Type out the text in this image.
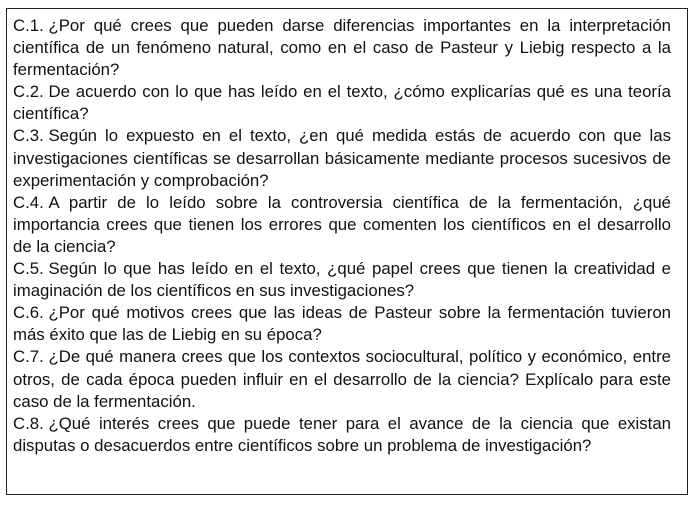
C.1. ¿Por qué crees que pueden darse diferencias importantes en la interpretación científica de un fenómeno natural, como en el caso de Pasteur y Liebig respecto a la fermentación?
C.2. De acuerdo con lo que has leído en el texto, ¿cómo explicarías qué es una teoría científica?
C.3. Según lo expuesto en el texto, ¿en qué medida estás de acuerdo con que las investigaciones científicas se desarrollan básicamente mediante procesos sucesivos de experimentación y comprobación?
C.4. A partir de lo leído sobre la controversia científica de la fermentación, ¿qué importancia crees que tienen los errores que comenten los científicos en el desarrollo de la ciencia?
C.5. Según lo que has leído en el texto, ¿qué papel crees que tienen la creatividad e imaginación de los científicos en sus investigaciones?
C.6. ¿Por qué motivos crees que las ideas de Pasteur sobre la fermentación tuvieron más éxito que las de Liebig en su época?
C.7. ¿De qué manera crees que los contextos sociocultural, político y económico, entre otros, de cada época pueden influir en el desarrollo de la ciencia? Explícalo para este caso de la fermentación.
C.8. ¿Qué interés crees que puede tener para el avance de la ciencia que existan disputas o desacuerdos entre científicos sobre un problema de investigación?
